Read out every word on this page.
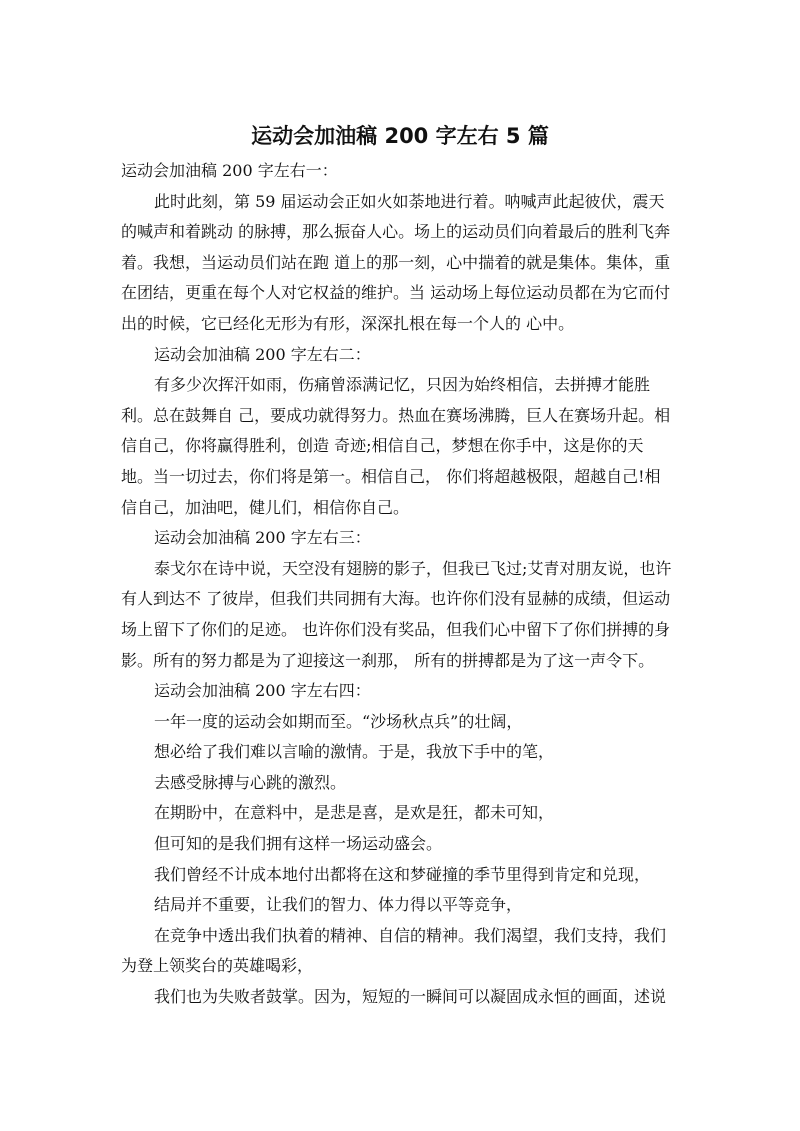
运动会加油稿 200 字左右 5 篇
运动会加油稿 200 字左右一：
此时此刻，第 59 届运动会正如火如荼地进行着。呐喊声此起彼伏，震天
的喊声和着跳动 的脉搏，那么振奋人心。场上的运动员们向着最后的胜利飞奔
着。我想，当运动员们站在跑 道上的那一刻，心中揣着的就是集体。集体，重
在团结，更重在每个人对它权益的维护。当 运动场上每位运动员都在为它而付
出的时候，它已经化无形为有形，深深扎根在每一个人的 心中。
运动会加油稿 200 字左右二：
有多少次挥汗如雨，伤痛曾添满记忆，只因为始终相信，去拼搏才能胜
利。总在鼓舞自 己，要成功就得努力。热血在赛场沸腾，巨人在赛场升起。相
信自己，你将赢得胜利，创造 奇迹;相信自己，梦想在你手中，这是你的天
地。当一切过去，你们将是第一。相信自己， 你们将超越极限，超越自己!相
信自己，加油吧，健儿们，相信你自己。
运动会加油稿 200 字左右三：
泰戈尔在诗中说，天空没有翅膀的影子，但我已飞过;艾青对朋友说，也许
有人到达不 了彼岸，但我们共同拥有大海。也许你们没有显赫的成绩，但运动
场上留下了你们的足迹。 也许你们没有奖品，但我们心中留下了你们拼搏的身
影。所有的努力都是为了迎接这一刹那， 所有的拼搏都是为了这一声令下。
运动会加油稿 200 字左右四：
一年一度的运动会如期而至。“沙场秋点兵”的壮阔，
想必给了我们难以言喻的激情。于是，我放下手中的笔，
去感受脉搏与心跳的激烈。
在期盼中，在意料中，是悲是喜，是欢是狂，都未可知，
但可知的是我们拥有这样一场运动盛会。
我们曾经不计成本地付出都将在这和梦碰撞的季节里得到肯定和兑现，
结局并不重要，让我们的智力、体力得以平等竞争，
在竞争中透出我们执着的精神、自信的精神。我们渴望，我们支持，我们
为登上领奖台的英雄喝彩，
我们也为失败者鼓掌。因为，短短的一瞬间可以凝固成永恒的画面，述说
